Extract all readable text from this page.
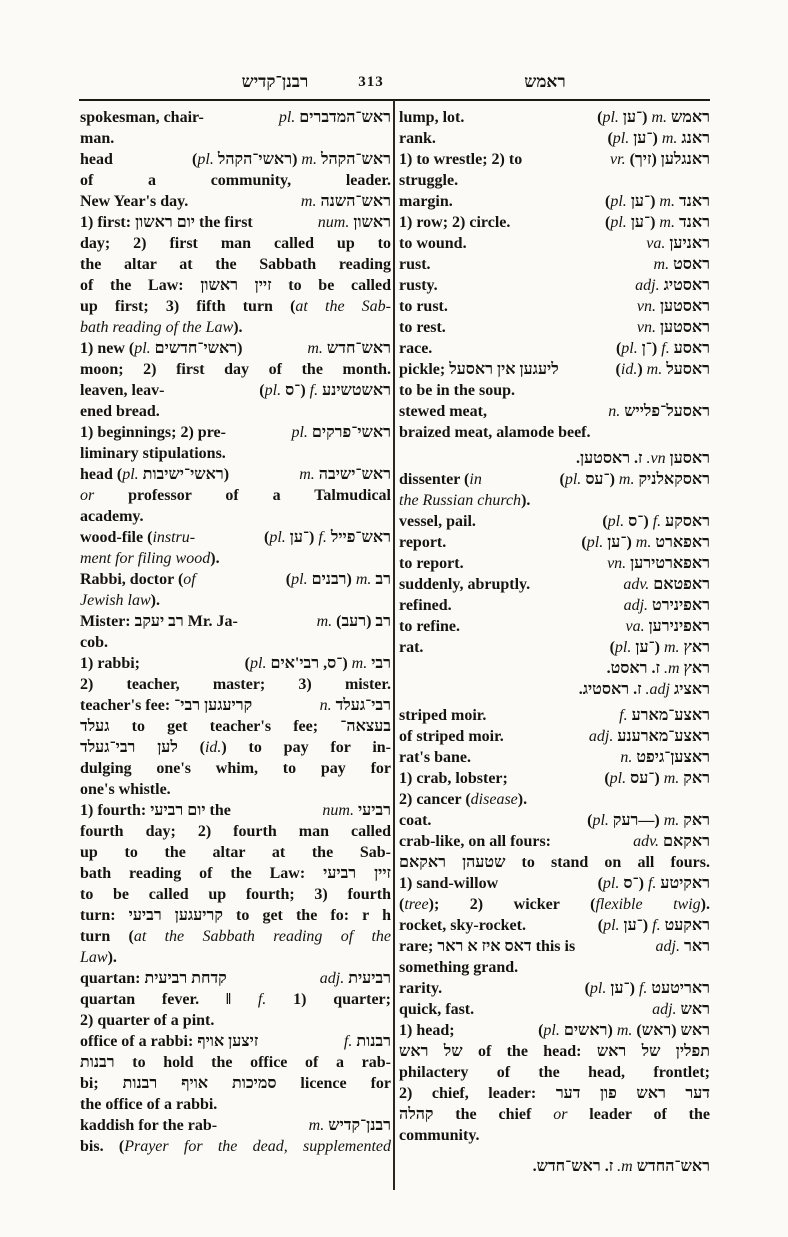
רבנן־קדיש	313	ראמש
spokesman, chair-	pl. ראש־המדברים
man.
head	(pl. ראשי־הקהל) m. ראש־הקהל
of a community, leader.
New Year's day.	m. ראש־השנה
1) first: יום ראשון the first	num. ראשון
day; 2) first man called up to
the altar at the Sabbath reading
of the Law: זיין ראשון to be called
up first; 3) fifth turn (at the Sab-
bath reading of the Law).
1) new (pl. ראשי־חדשים)	m. ראש־חדש
moon; 2) first day of the month.
leaven, leav-	(pl. ־ס) f. ראשטשינע
ened bread.
1) beginnings; 2) pre-	pl. ראשי־פרקים
liminary stipulations.
head (pl. ראשי־ישיבות)	m. ראש־ישיבה
or professor of a Talmudical
academy.
wood-file (instru-	(pl. ־ען) f. ראש־פייל
ment for filing wood).
Rabbi, doctor (of	(pl. רבנים) m. רב
Jewish law).
Mister: רב יעקב Mr. Ja-	m. (רעב) רב
cob.
1) rabbi;	(pl. ־ס, רבי'אים) m. רבי
2) teacher, master; 3) mister.
teacher's fee: קריעגען רבי־	n. רבי־געלד
געלד to get teacher's fee; בעצאה־
לען רבי־געלד (id.) to pay for in-
dulging one's whim, to pay for
one's whistle.
1) fourth: יום רביעי the	num. רביעי
fourth day; 2) fourth man called
up to the altar at the Sab-
bath reading of the Law: זיין רביעי
to be called up fourth; 3) fourth
turn: קריעגען רביעי to get the fo: r h
turn (at the Sabbath reading of the
Law).
quartan: קדחת רביעית	adj. רביעית
quartan fever. ‖ f. 1) quarter;
2) quarter of a pint.
office of a rabbi: זיצען אויף	f. רבנות
רבנות to hold the office of a rab-
bi; סמיכות אויף רבנות licence for
the office of a rabbi.
kaddish for the rab-	m. רבנן־קדיש
bis. (Prayer for the dead, supplemented
lump, lot.	(pl. ־ען) m. ראמש
rank.	(pl. ־ען) m. ראנג
1) to wrestle; 2) to	vr. (זיך) ראנגלען
struggle.
margin.	(pl. ־ען) m. ראנד
1) row; 2) circle.	(pl. ־ען) m. ראנד
to wound.	va. ראניען
rust.	m. ראסט
rusty.	adj. ראסטיג
to rust.	vn. ראסטען
to rest.	vn. ראסטען
race.	(pl. ־ן) f. ראסע
pickle; ליעגען אין ראסעל	(id.) m. ראסעל
to be in the soup.
stewed meat,	n. ראסעל־פלייש
braized meat, alamode beef.
ראסען vn. ז. ראסטען.
dissenter (in	(pl. ־עס) m. ראסקאלניק
the Russian church).
vessel, pail.	(pl. ־ס) f. ראסקע
report.	(pl. ־ען) m. ראפארט
to report.	vn. ראפארטירען
suddenly, abruptly.	adv. ראפטאם
refined.	adj. ראפינירט
to refine.	va. ראפינירען
rat.	(pl. ־ען) m. ראץ
ראץ m. ז. ראסט.
ראציג adj. ז. ראסטיג.
striped moir.	f. ראצע־מארע
of striped moir.	adj. ראצע־מארענע
rat's bane.	n. ראצען־גיפט
1) crab, lobster;	(pl. ־עס) m. ראק
2) cancer (disease).
coat.	(pl. רעק—) m. ראק
crab-like, on all fours:	adv. ראקאם
שטעהן ראקאם to stand on all fours.
1) sand-willow	(pl. ־ס) f. ראקיטע
(tree); 2) wicker (flexible twig).
rocket, sky-rocket.	(pl. ־ען) f. ראקעט
rare; דאס איז א ראר this is	adj. ראר
something grand.
rarity.	(pl. ־ען) f. ראריטעט
quick, fast.	adj. ראש
1) head;	(pl. ראשים) m. (ראש) ראש
של ראש of the head: תפלין של ראש
philactery of the head, frontlet;
2) chief, leader: דער ראש פון דער
קהלה the chief or leader of the
community.
ראש־החדש m. ז. ראש־חדש.
